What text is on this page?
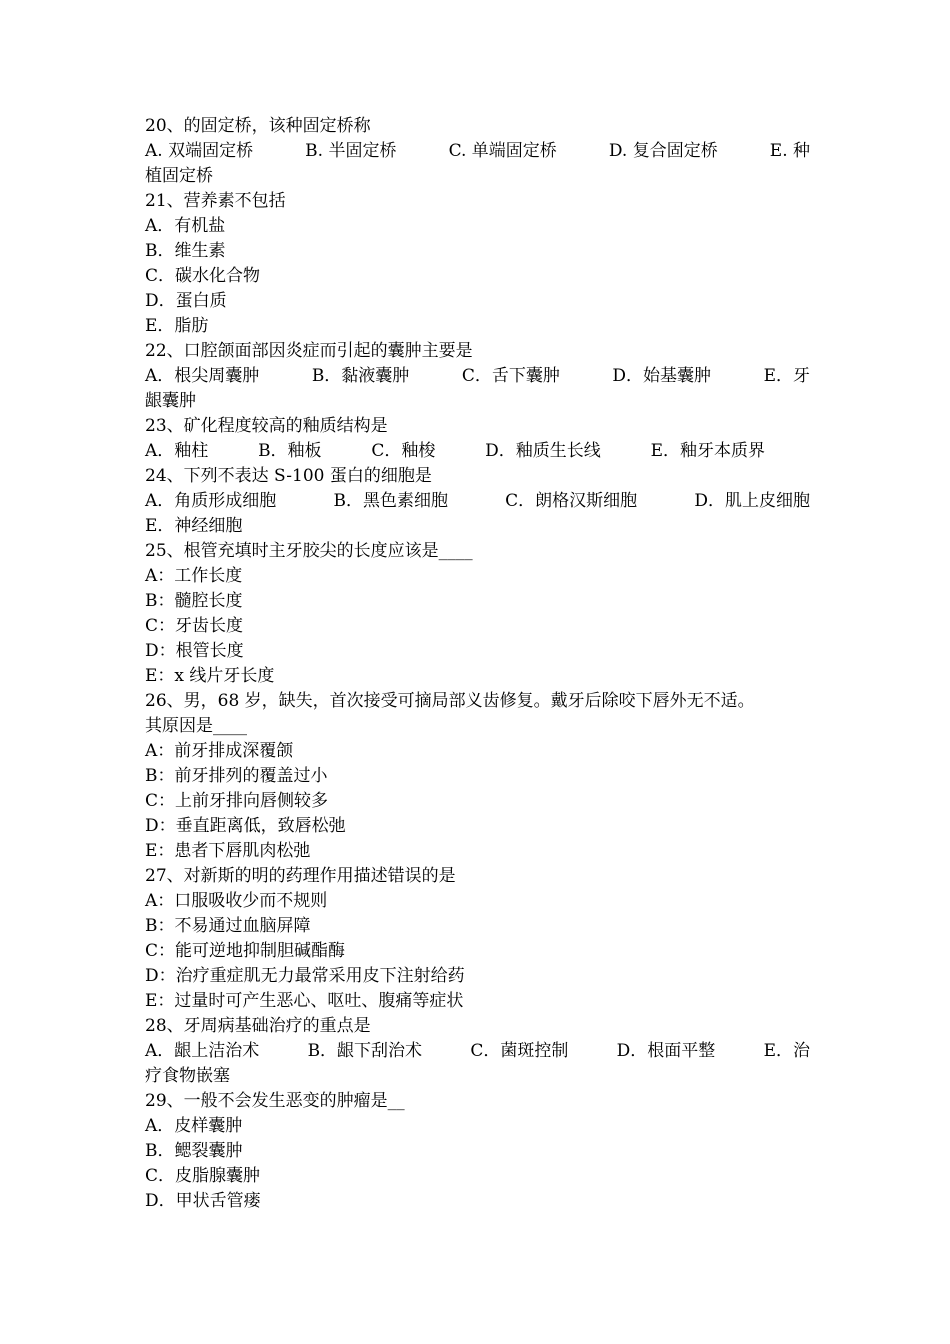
20、的固定桥，该种固定桥称
A. 双端固定桥	B. 半固定桥	C. 单端固定桥	D. 复合固定桥	E. 种
植固定桥
21、营养素不包括
A．有机盐
B．维生素
C．碳水化合物
D．蛋白质
E．脂肪
22、口腔颌面部因炎症而引起的囊肿主要是
A．根尖周囊肿	B．黏液囊肿	C．舌下囊肿	D．始基囊肿	E．牙
龈囊肿
23、矿化程度较高的釉质结构是
A．釉柱	B．釉板	C．釉梭	D．釉质生长线	E．釉牙本质界
24、下列不表达 S-100 蛋白的细胞是
A．角质形成细胞	B．黑色素细胞	C．朗格汉斯细胞	D．肌上皮细胞
E．神经细胞
25、根管充填时主牙胶尖的长度应该是____
A：工作长度
B：髓腔长度
C：牙齿长度
D：根管长度
E：x 线片牙长度
26、男，68 岁，缺失，首次接受可摘局部义齿修复。戴牙后除咬下唇外无不适。
其原因是____
A：前牙排成深覆颌
B：前牙排列的覆盖过小
C：上前牙排向唇侧较多
D：垂直距离低，致唇松弛
E：患者下唇肌肉松弛
27、对新斯的明的药理作用描述错误的是
A：口服吸收少而不规则
B：不易通过血脑屏障
C：能可逆地抑制胆碱酯酶
D：治疗重症肌无力最常采用皮下注射给药
E：过量时可产生恶心、呕吐、腹痛等症状
28、牙周病基础治疗的重点是
A．龈上洁治术	B．龈下刮治术	C．菌斑控制	D．根面平整	E．治
疗食物嵌塞
29、一般不会发生恶变的肿瘤是__
A．皮样囊肿
B．鳃裂囊肿
C．皮脂腺囊肿
D．甲状舌管瘘
